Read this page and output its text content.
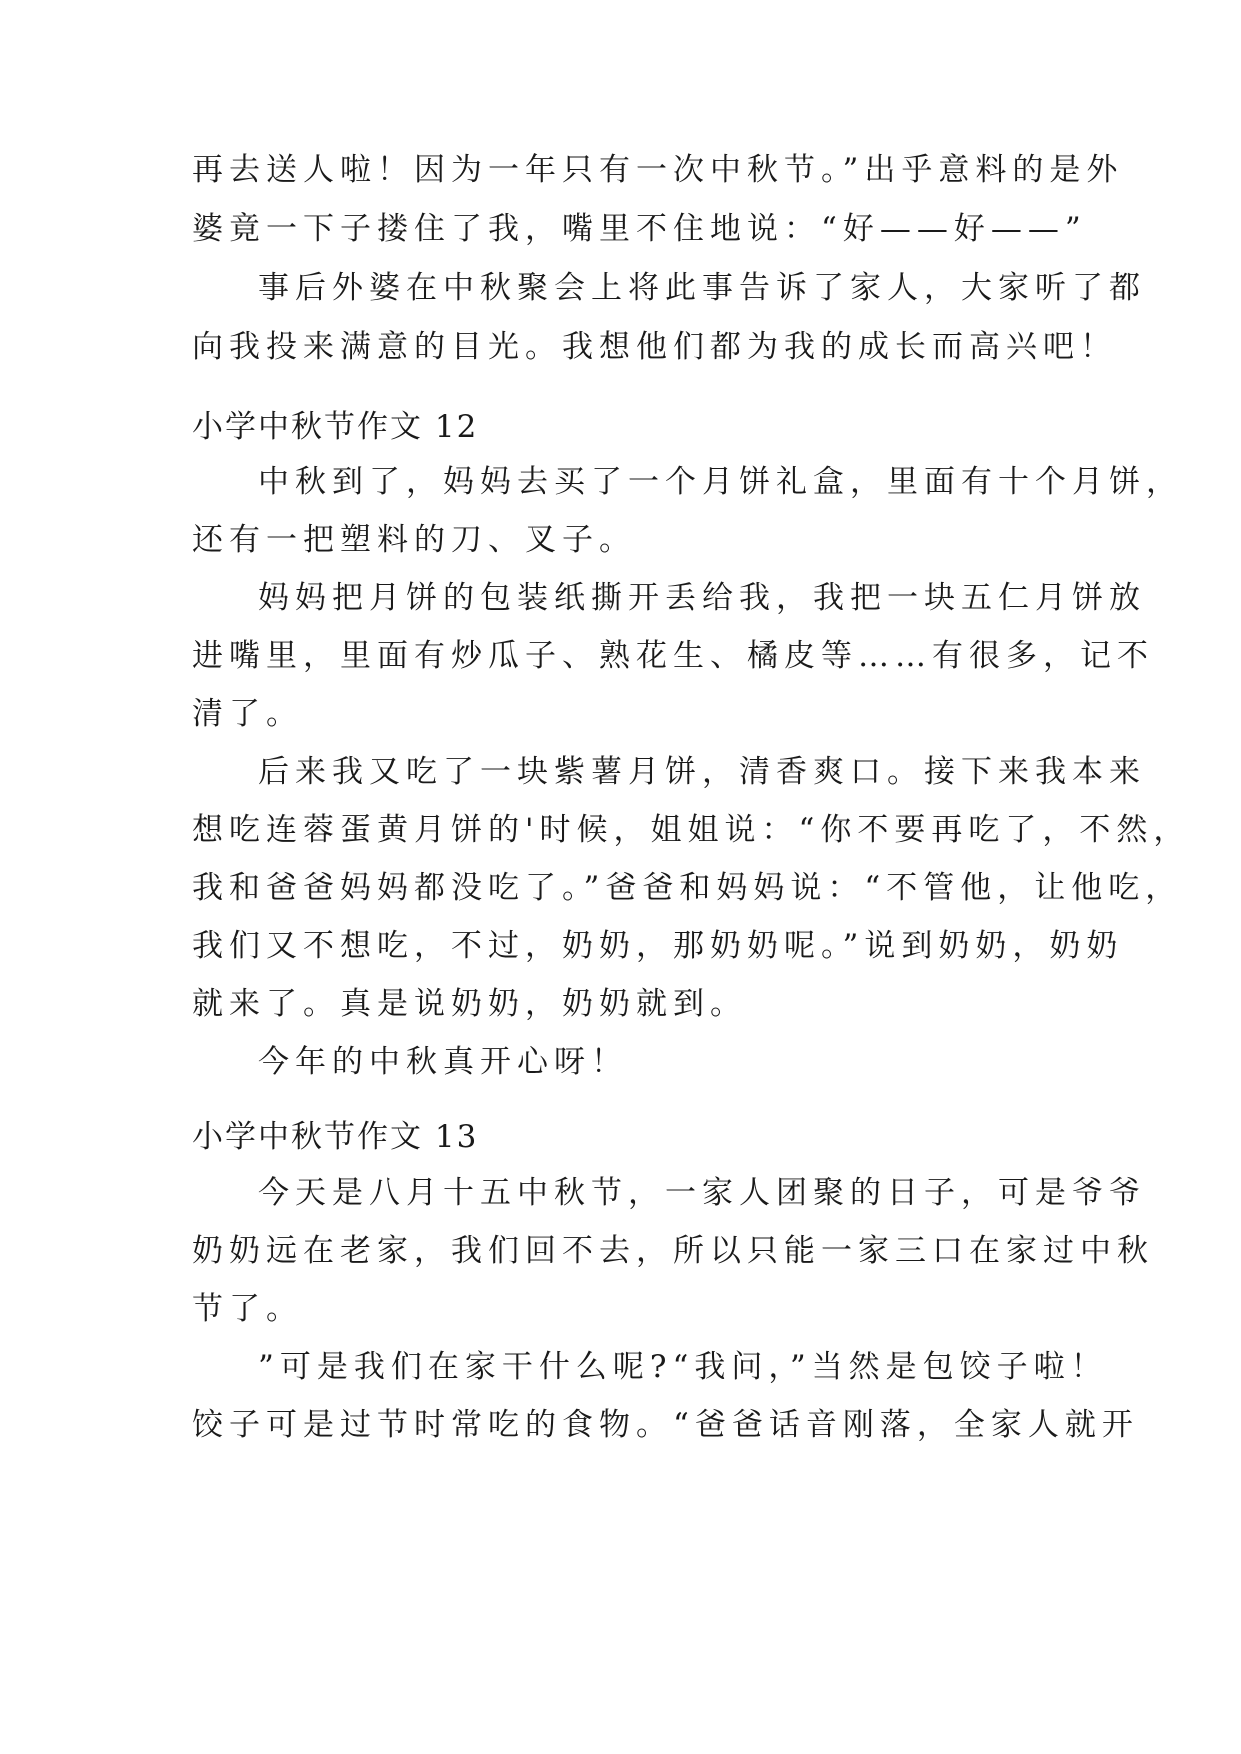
再去送人啦！因为一年只有一次中秋节。”出乎意料的是外
婆竟一下子搂住了我，嘴里不住地说：“好——好——”
事后外婆在中秋聚会上将此事告诉了家人，大家听了都
向我投来满意的目光。我想他们都为我的成长而高兴吧！
小学中秋节作文 12
中秋到了，妈妈去买了一个月饼礼盒，里面有十个月饼，
还有一把塑料的刀、叉子。
妈妈把月饼的包装纸撕开丢给我，我把一块五仁月饼放
进嘴里，里面有炒瓜子、熟花生、橘皮等……有很多，记不
清了。
后来我又吃了一块紫薯月饼，清香爽口。接下来我本来
想吃连蓉蛋黄月饼的'时候，姐姐说：“你不要再吃了，不然，
我和爸爸妈妈都没吃了。”爸爸和妈妈说：“不管他，让他吃，
我们又不想吃，不过，奶奶，那奶奶呢。”说到奶奶，奶奶
就来了。真是说奶奶，奶奶就到。
今年的中秋真开心呀！
小学中秋节作文 13
今天是八月十五中秋节，一家人团聚的日子，可是爷爷
奶奶远在老家，我们回不去，所以只能一家三口在家过中秋
节了。
”可是我们在家干什么呢?“我问，”当然是包饺子啦！
饺子可是过节时常吃的食物。“爸爸话音刚落，全家人就开
